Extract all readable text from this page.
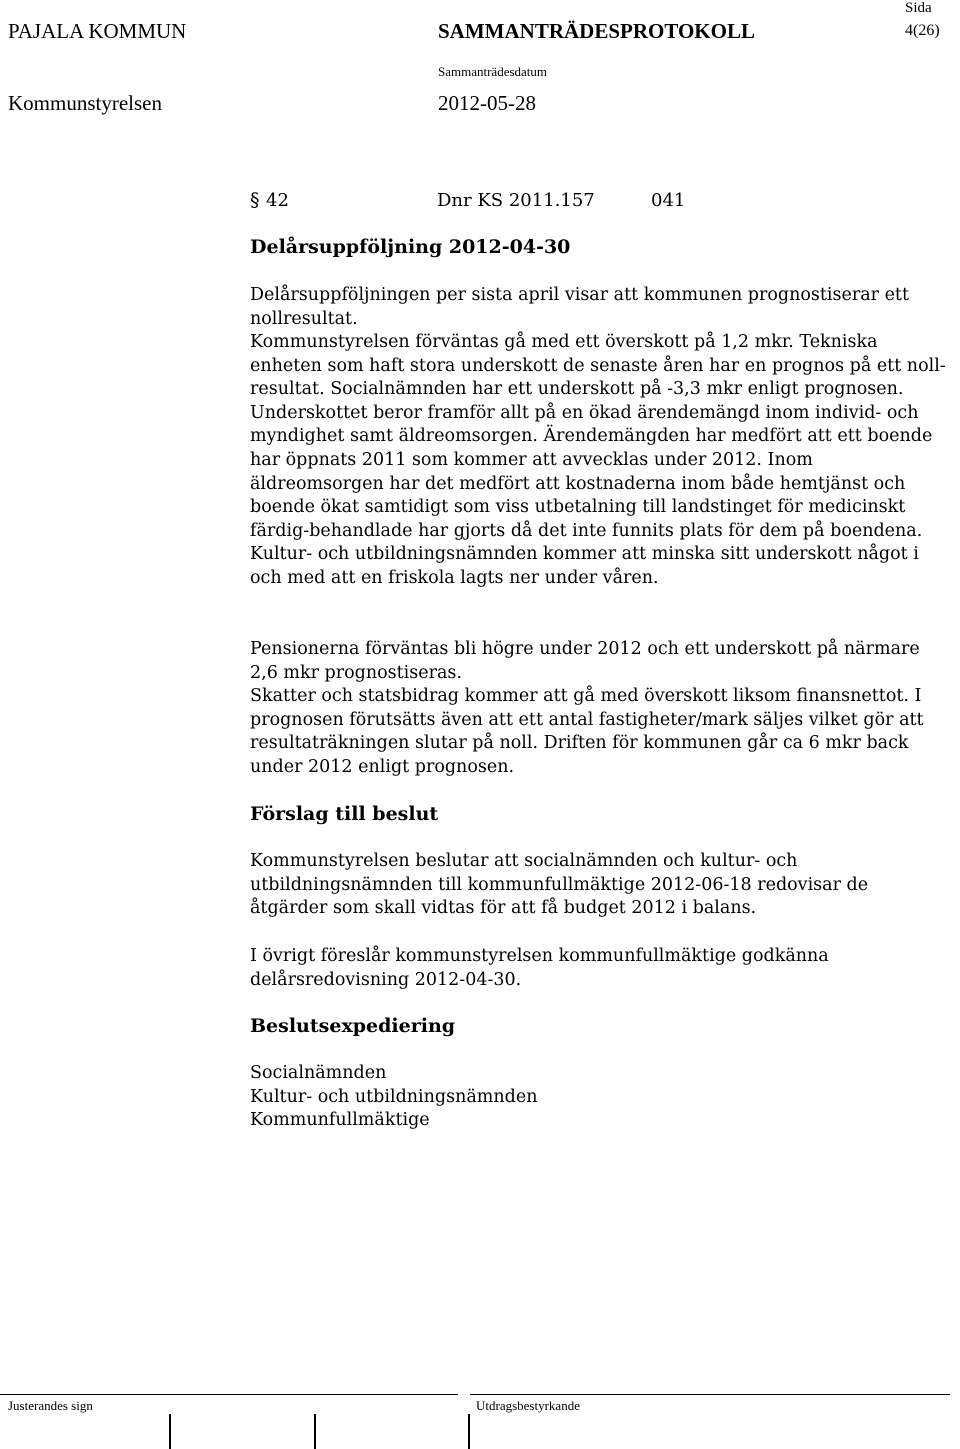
PAJALA KOMMUN	SAMMANTRÄDESPROTOKOLL
Sida
4(26)
Sammanträdesdatum
Kommunstyrelsen	2012-05-28
§ 42	Dnr KS 2011.157	041
Delårsuppföljning 2012-04-30

Delårsuppföljningen per sista april visar att kommunen prognostiserar ett nollresultat.

Kommunstyrelsen förväntas gå med ett överskott på 1,2 mkr. Tekniska enheten som haft stora underskott de senaste åren har en prognos på ett noll-resultat. Socialnämnden har ett underskott på -3,3 mkr enligt prognosen. Underskottet beror framför allt på en ökad ärendemängd inom individ- och myndighet samt äldreomsorgen. Ärendemängden har medfört att ett boende har öppnats 2011 som kommer att avvecklas under 2012. Inom äldreomsorgen har det medfört att kostnaderna inom både hemtjänst och boende ökat samtidigt som viss utbetalning till landstinget för medicinskt färdig-behandlade har gjorts då det inte funnits plats för dem på boendena. Kultur- och utbildningsnämnden kommer att minska sitt underskott något i och med att en friskola lagts ner under våren.

Pensionerna förväntas bli högre under 2012 och ett underskott på närmare 2,6 mkr prognostiseras.

Skatter och statsbidrag kommer att gå med överskott liksom finansnettot. I prognosen förutsätts även att ett antal fastigheter/mark säljes vilket gör att resultaträkningen slutar på noll. Driften för kommunen går ca 6 mkr back under 2012 enligt prognosen.

Förslag till beslut

Kommunstyrelsen beslutar att socialnämnden och kultur- och utbildningsnämnden till kommunfullmäktige 2012-06-18 redovisar de åtgärder som skall vidtas för att få budget 2012 i balans.

I övrigt föreslår kommunstyrelsen kommunfullmäktige godkänna delårsredovisning 2012-04-30.

Beslutsexpediering

Socialnämnden

Kultur- och utbildningsnämnden

Kommunfullmäktige

Justerandes sign	Utdragsbestyrkande
